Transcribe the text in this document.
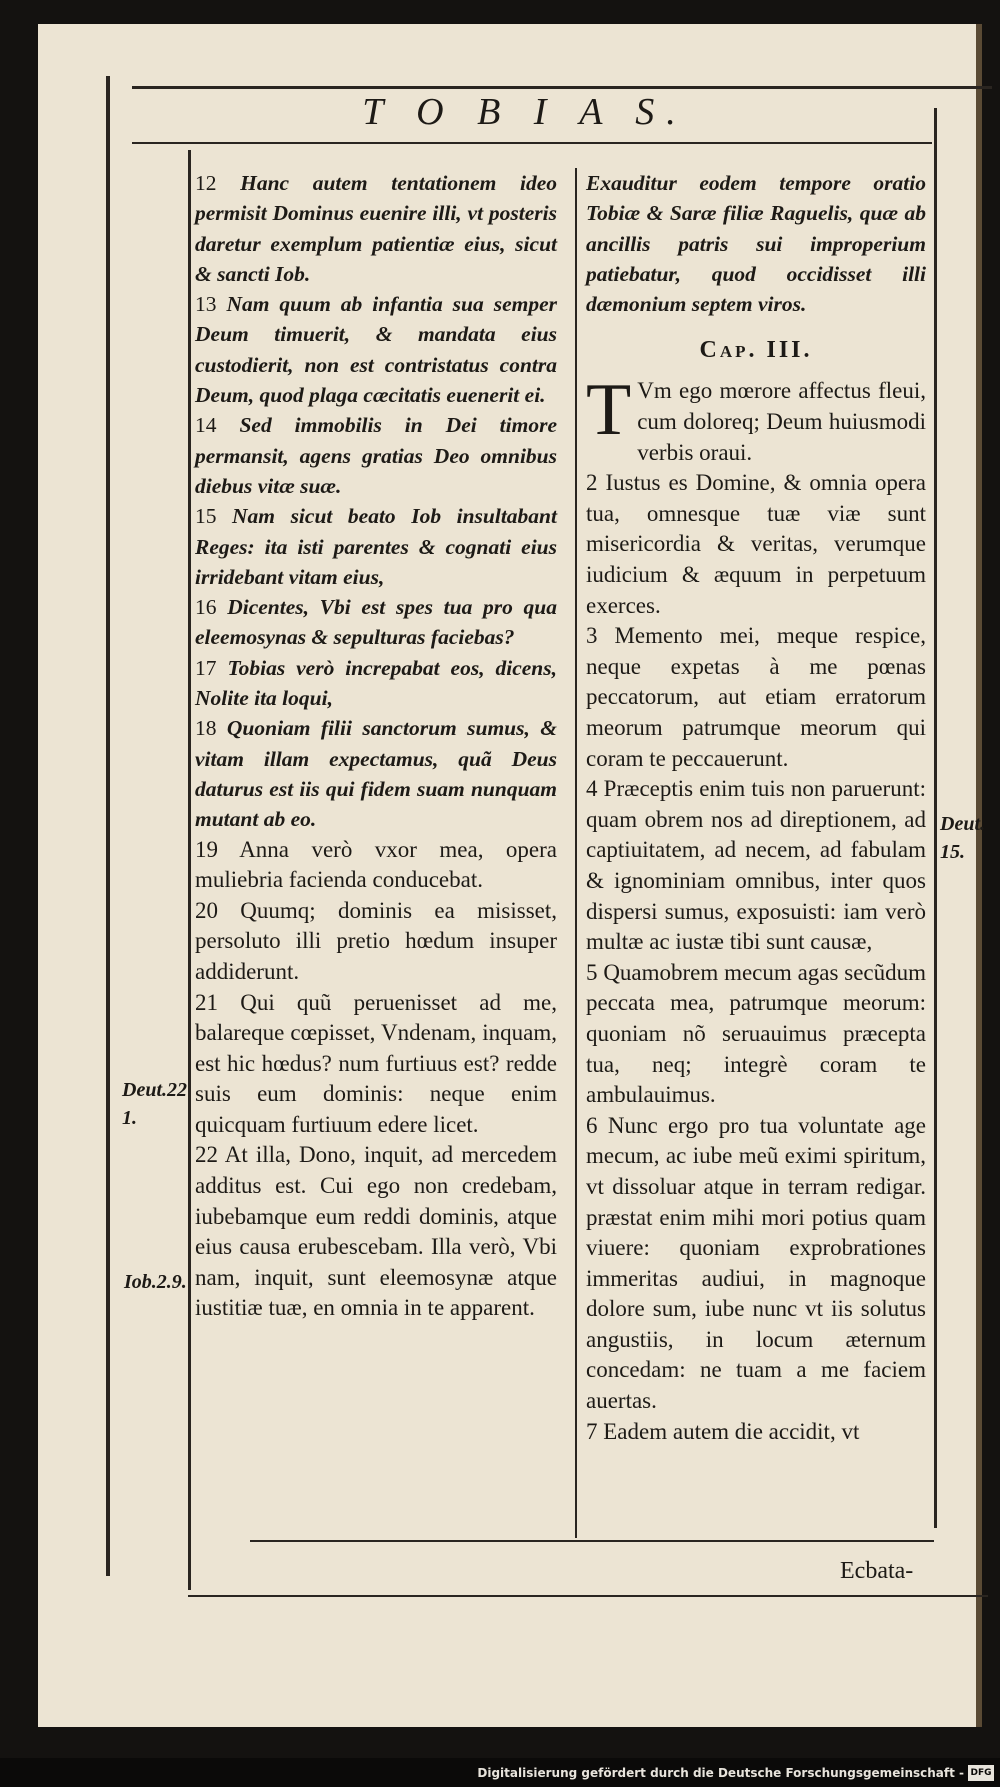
T O B I A S.

12 Hanc autem tentationem ideo permisit Dominus euenire illi, vt posteris daretur exemplum patientiæ eius, sicut & sancti Iob.

13 Nam quum ab infantia sua semper Deum timuerit, & mandata eius custodierit, non est contristatus contra Deum, quod plaga cæcitatis euenerit ei.

14 Sed immobilis in Dei timore permansit, agens gratias Deo omnibus diebus vitæ suæ.

15 Nam sicut beato Iob insultabant Reges: ita isti parentes & cognati eius irridebant vitam eius,

16 Dicentes, Vbi est spes tua pro qua eleemosynas & sepulturas faciebas?

17 Tobias verò increpabat eos, dicens, Nolite ita loqui,

18 Quoniam filii sanctorum sumus, & vitam illam expectamus, quã Deus daturus est iis qui fidem suam nunquam mutant ab eo.

19 Anna verò vxor mea, opera muliebria facienda conducebat.

20 Quumq; dominis ea misisset, persoluto illi pretio hœdum insuper addiderunt.

21 Qui quũ peruenisset ad me, balareque cœpisset, Vndenam, inquam, est hic hœdus? num furtiuus est? redde suis eum dominis: neque enim quicquam furtiuum edere licet.

22 At illa, Dono, inquit, ad mercedem additus est. Cui ego non credebam, iubebamque eum reddi dominis, atque eius causa erubescebam. Illa verò, Vbi nam, inquit, sunt eleemosynæ atque iustitiæ tuæ, en omnia in te apparent.

Exauditur eodem tempore oratio Tobiæ & Saræ filiæ Raguelis, quæ ab ancillis patris sui improperium patiebatur, quod occidisset illi dæmonium septem viros.

Cap. III.

T Vm ego mœrore affectus fleui, cum doloreq; Deum huiusmodi verbis oraui.

2 Iustus es Domine, & omnia opera tua, omnesque tuæ viæ sunt misericordia & veritas, verumque iudicium & æquum in perpetuum exerces.

3 Memento mei, meque respice, neque expetas à me pœnas peccatorum, aut etiam erratorum meorum patrumque meorum qui coram te peccauerunt.

4 Præceptis enim tuis non paruerunt: quam obrem nos ad direptionem, ad captiuitatem, ad necem, ad fabulam & ignominiam omnibus, inter quos dispersi sumus, exposuisti: iam verò multæ ac iustæ tibi sunt causæ,

5 Quamobrem mecum agas secũdum peccata mea, patrumque meorum: quoniam nõ seruauimus præcepta tua, neq; integrè coram te ambulauimus.

6 Nunc ergo pro tua voluntate age mecum, ac iube meũ eximi spiritum, vt dissoluar atque in terram redigar. præstat enim mihi mori potius quam viuere: quoniam exprobrationes immeritas audiui, in magnoque dolore sum, iube nunc vt iis solutus angustiis, in locum æternum concedam: ne tuam a me faciem auertas.

7 Eadem autem die accidit, vt

Deut.22
1.
Iob.2.9.
Deut.
15.
Ecbata-
Digitalisierung gefördert durch die Deutsche Forschungsgemeinschaft - DFG
